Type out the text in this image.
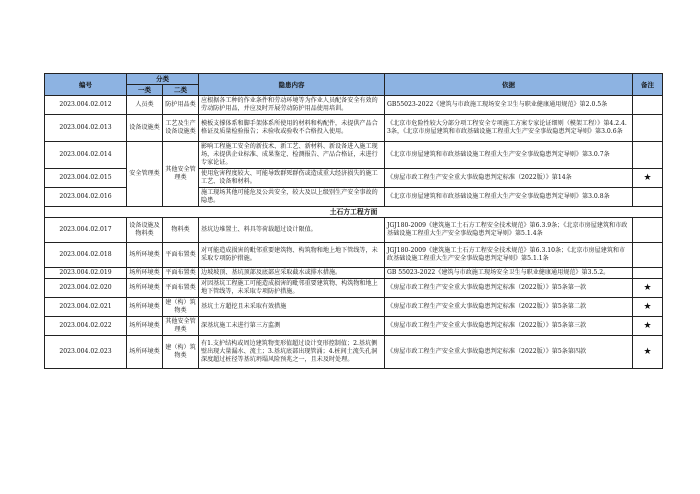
编号	分类		隐患内容	依据	备注
	一类	二类			
2023.004.02.012	人员类	防护用品类	应根据各工种的作业条件和劳动环境等为作业人员配备安全有效的劳动防护用品，并应及时开展劳动防护用品使用培训。	GB55023-2022《建筑与市政施工现场安全卫生与职业健康通用规范》第2.0.5条	
2023.004.02.013	设备设施类	工艺及生产设备设施类	模板支撑体系和脚手架体系所使用的材料和构配件，未提供产品合格证及质量检验报告；未验收或验收不合格投入使用。	《北京市危险性较大分部分项工程安全专项施工方案专家论证细则（模架工程）》第4.2.4.3条，《北京市房屋建筑和市政基础设施工程重大生产安全事故隐患判定导则》第3.0.6条	
2023.004.02.014	安全管理类	其他安全管理类	影响工程施工安全的新技术、新工艺、新材料、新设备进入施工现场，未提供企业标准、成果鉴定、检测报告、产品合格证，未进行专家论证。	《北京市房屋建筑和市政基础设施工程重大生产安全事故隐患判定导则》第3.0.7条	
2023.004.02.015			使用危害程度较大、可能导致群死群伤或造成重大经济损失的施工工艺、设备和材料。	《房屋市政工程生产安全重大事故隐患判定标准（2022版）》第14条	★
2023.004.02.016			施工现场其他可能危及公共安全，较大及以上级别生产安全事故的隐患。	《北京市房屋建筑和市政基础设施工程重大生产安全事故隐患判定导则》第3.0.8条	
土石方工程方面					
2023.004.02.017	设备设施及物料类	物料类	基坑边堆置土、料具等荷载超过设计限值。	JGJ180-2009《建筑施工土石方工程安全技术规范》第6.3.9条；《北京市房屋建筑和市政基础设施工程重大生产安全事故隐患判定导则》第5.1.4条	
2023.004.02.018	场所环境类	平面布置类	对可能造成损害的毗邻重要建筑物、构筑物和地上地下管线等，未采取专项防护措施。	JGJ180-2009《建筑施工土石方工程安全技术规范》第6.3.10条；《北京市房屋建筑和市政基础设施工程重大生产安全事故隐患判定导则》第5.1.1条	
2023.004.02.019	场所环境类	平面布置类	边坡坡顶、基坑顶部及底部应采取截水或排水措施。	GB 55023-2022《建筑与市政施工现场安全卫生与职业健康通用规范》第3.5.2。	
2023.004.02.020	场所环境类	平面布置类	对因基坑工程施工可能造成损害的毗邻重要建筑物、构筑物和地上地下管线等，未采取专项防护措施。	《房屋市政工程生产安全重大事故隐患判定标准（2022版）》第5条第一款	★
2023.004.02.021	场所环境类	建（构）筑物类	基坑土方超挖且未采取有效措施	《房屋市政工程生产安全重大事故隐患判定标准（2022版）》第5条第二款	★
2023.004.02.022	场所环境类	其他安全管理类	深基坑施工未进行第三方监测	《房屋市政工程生产安全重大事故隐患判定标准（2022版）》第5条第三款	★
2023.004.02.023	场所环境类	建（构）筑物类	有1.支护结构或周边建筑物变形值超过设计变形控制值；2.基坑侧壁出现大量漏水、流土；3.基坑底部出现管涌；4.桩间土流失孔洞深度超过桩径等基坑坍塌风险预兆之一，且未及时处理。	《房屋市政工程生产安全重大事故隐患判定标准（2022版）》第5条第四款	★
